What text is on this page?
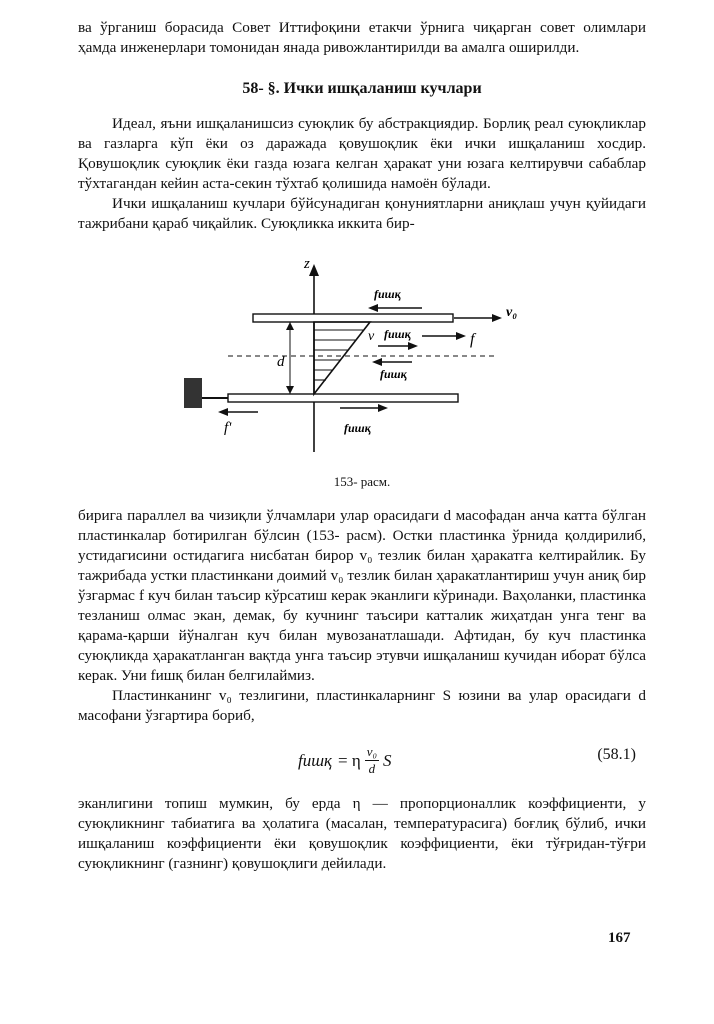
ва ўрганиш борасида Совет Иттифоқини етакчи ўрнига чиқарган совет олимлари ҳамда инженерлари томонидан янада ривожлантирилди ва амалга оширилди.

58- §. Ички ишқаланиш кучлари

Идеал, яъни ишқаланишсиз суюқлик бу абстракциядир. Борлиқ реал суюқликлар ва газларга кўп ёки оз даражада қовушоқлик ёки ички ишқаланиш хосдир. Қовушоқлик суюқлик ёки газда юзага келган ҳаракат уни юзага келтирувчи сабаблар тўхтагандан кейин аста-секин тўхтаб қолишида намоён бўлади.

Ички ишқаланиш кучлари бўйсунадиган қонуниятларни аниқлаш учун қуйидаги тажрибани қараб чиқайлик. Суюқликка иккита бир-

z
d
fишқ
v₀
v fишқ	f
fишқ
f'	fишқ
153- расм.

бирига параллел ва чизиқли ўлчамлари улар орасидаги d масофадан анча катта бўлган пластинкалар ботирилган бўлсин (153- расм). Остки пластинка ўрнида қолдирилиб, устидагисини остидагига нисбатан бирор v₀ тезлик билан ҳаракатга келтирайлик. Бу тажрибада устки пластинкани доимий v₀ тезлик билан ҳаракатлантириш учун аниқ бир ўзгармас f куч билан таъсир кўрсатиш керак эканлиги кўринади. Ваҳоланки, пластинка тезланиш олмас экан, демак, бу кучнинг таъсири катталик жиҳатдан унга тенг ва қарама-қарши йўналган куч билан мувозанатлашади. Афтидан, бу куч пластинка суюқликда ҳаракатланган вақтда унга таъсир этувчи ишқаланиш кучидан иборат бўлса керак. Уни fишқ билан белгилаймиз.

Пластинканинг v₀ тезлигини, пластинкаларнинг S юзини ва улар орасидаги d масофани ўзгартира бориб,

fишқ = η $\frac{\text{v₀}}{d}$ S	(58.1)

эканлигини топиш мумкин, бу ерда η — пропорционаллик коэффициенти, у суюқликнинг табиатига ва ҳолатига (масалан, температурасига) боғлиқ бўлиб, ички ишқаланиш коэффициенти ёки қовушоқлик коэффициенти, ёки тўғридан-тўғри суюқликнинг (газнинг) қовушоқлиги дейилади.

167
